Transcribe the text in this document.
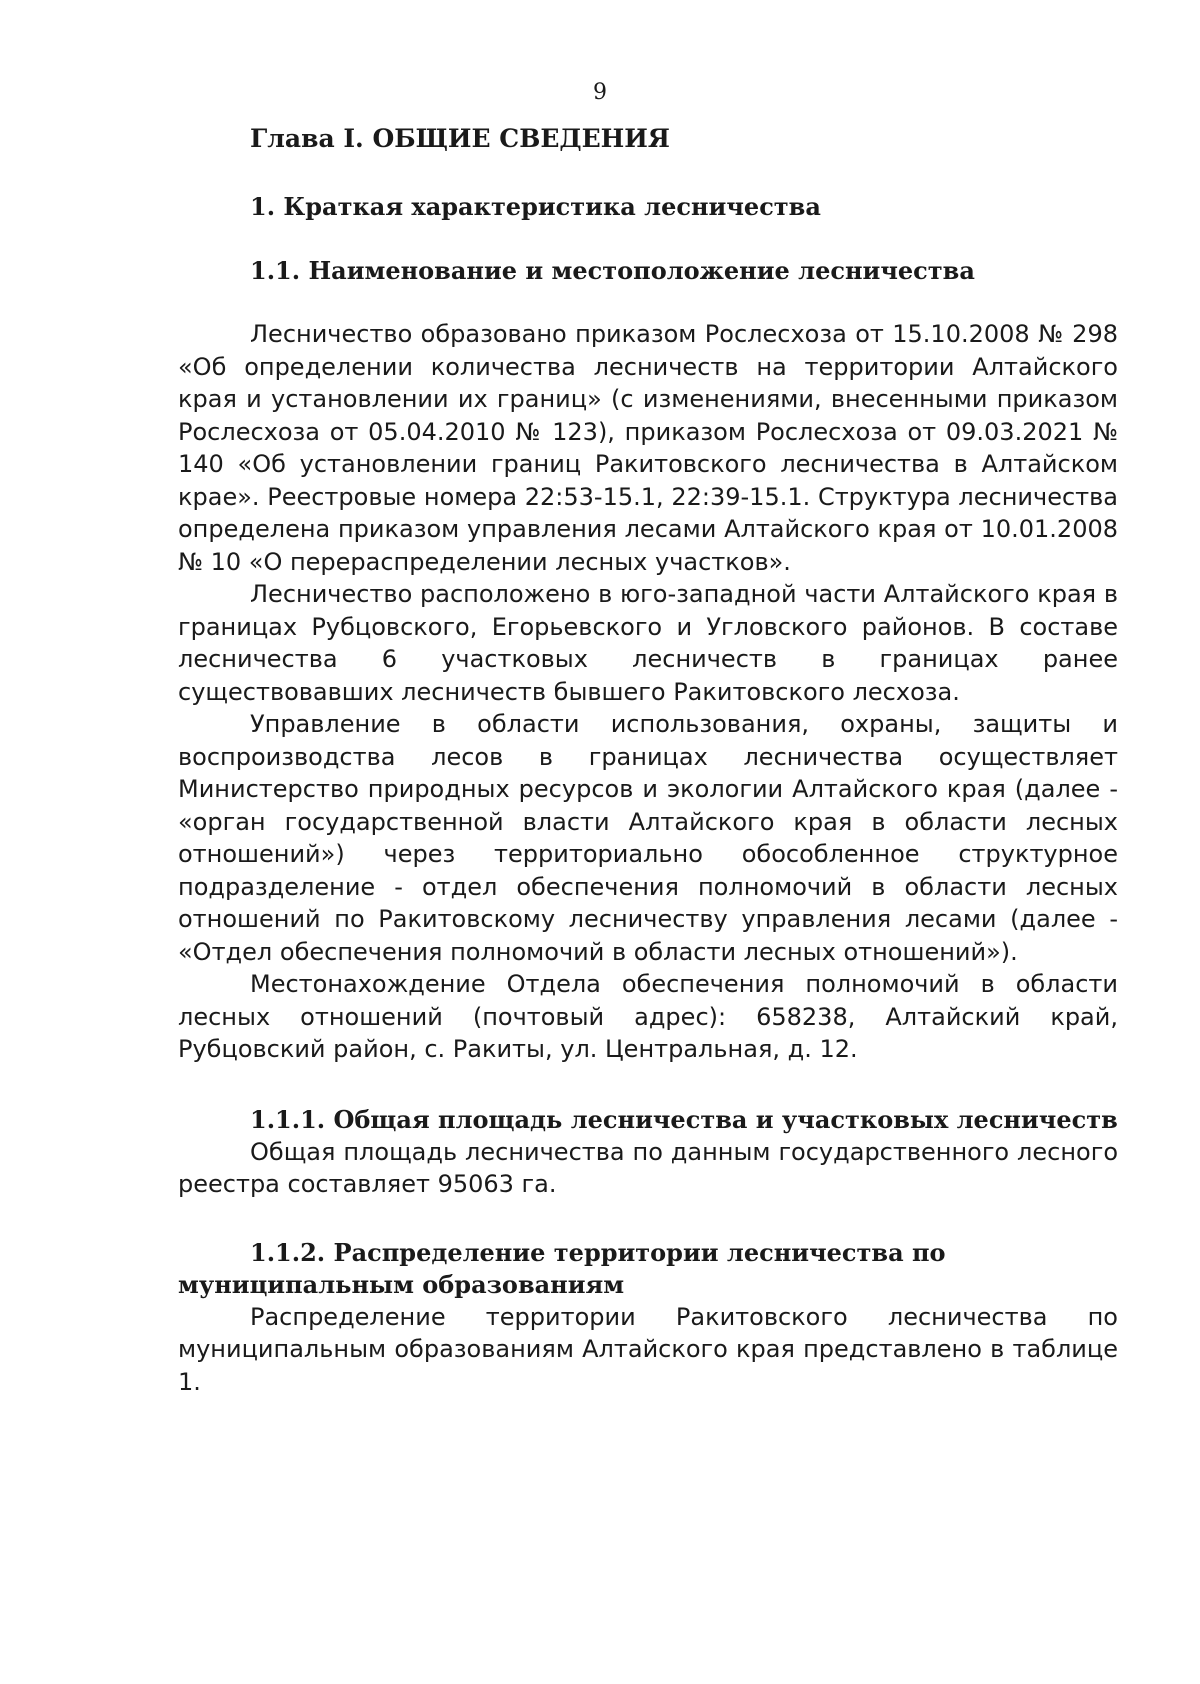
9
Глава I. ОБЩИЕ СВЕДЕНИЯ
1. Краткая характеристика лесничества
1.1. Наименование и местоположение лесничества

Лесничество образовано приказом Рослесхоза от 15.10.2008 № 298 «Об определении количества лесничеств на территории Алтайского края и установлении их границ» (с изменениями, внесенными приказом Рослесхоза от 05.04.2010 № 123), приказом Рослесхоза от 09.03.2021 № 140 «Об установлении границ Ракитовского лесничества в Алтайском крае». Реестровые номера 22:53-15.1, 22:39-15.1. Структура лесничества определена приказом управления лесами Алтайского края от 10.01.2008 № 10 «О перераспределении лесных участков».

Лесничество расположено в юго-западной части Алтайского края в границах Рубцовского, Егорьевского и Угловского районов. В составе лесничества 6 участковых лесничеств в границах ранее существовавших лесничеств бывшего Ракитовского лесхоза.

Управление в области использования, охраны, защиты и воспроизводства лесов в границах лесничества осуществляет Министерство природных ресурсов и экологии Алтайского края (далее - «орган государственной власти Алтайского края в области лесных отношений») через территориально обособленное структурное подразделение - отдел обеспечения полномочий в области лесных отношений по Ракитовскому лесничеству управления лесами (далее - «Отдел обеспечения полномочий в области лесных отношений»).

Местонахождение Отдела обеспечения полномочий в области лесных отношений (почтовый адрес): 658238, Алтайский край, Рубцовский район, с. Ракиты, ул. Центральная, д. 12.

1.1.1. Общая площадь лесничества и участковых лесничеств

Общая площадь лесничества по данным государственного лесного реестра составляет 95063 га.

1.1.2. Распределение территории лесничества по муниципальным образованиям

Распределение территории Ракитовского лесничества по муниципальным образованиям Алтайского края представлено в таблице 1.
